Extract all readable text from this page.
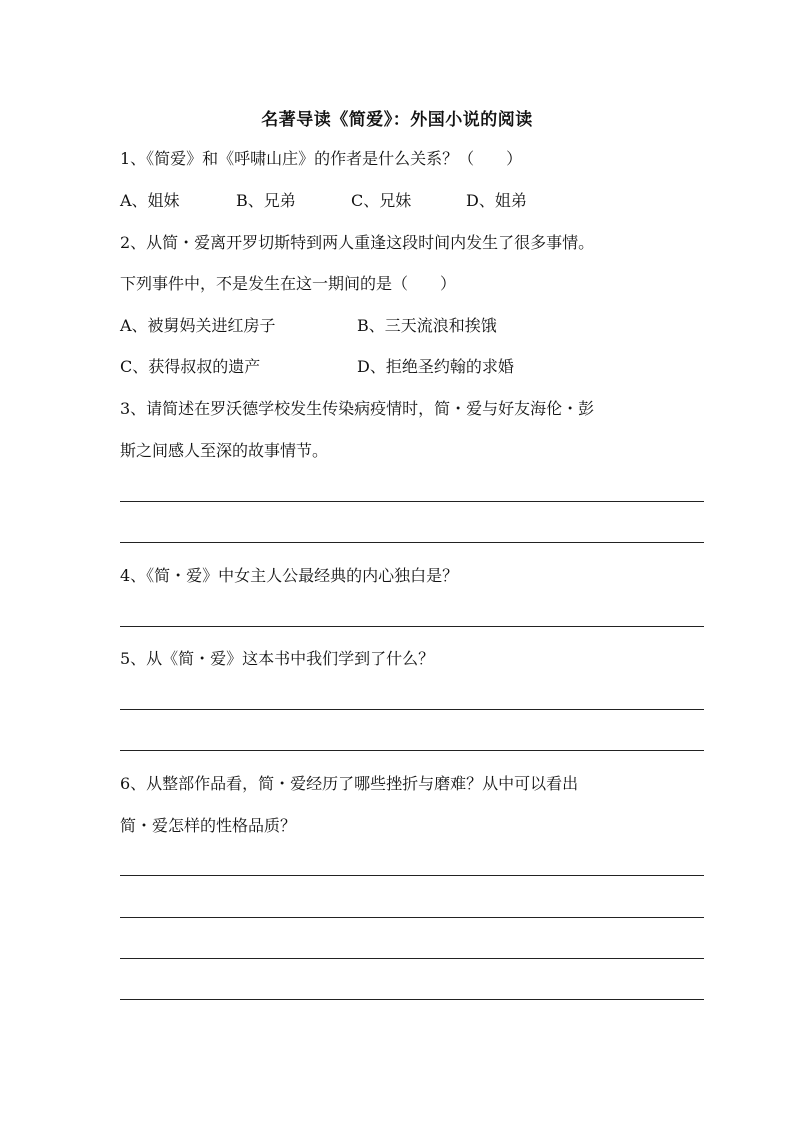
名著导读《简爱》：外国小说的阅读
1、《简爱》和《呼啸山庄》的作者是什么关系？（　　）
A、姐妹	B、兄弟	C、兄妹	D、姐弟
2、从简・爱离开罗切斯特到两人重逢这段时间内发生了很多事情。
下列事件中，不是发生在这一期间的是（　　）
A、被舅妈关进红房子	B、三天流浪和挨饿
C、获得叔叔的遗产	D、拒绝圣约翰的求婚
3、请简述在罗沃德学校发生传染病疫情时，简・爱与好友海伦・彭
斯之间感人至深的故事情节。
4、《简・爱》中女主人公最经典的内心独白是？
5、从《简・爱》这本书中我们学到了什么？
6、从整部作品看，简・爱经历了哪些挫折与磨难？从中可以看出
简・爱怎样的性格品质？
